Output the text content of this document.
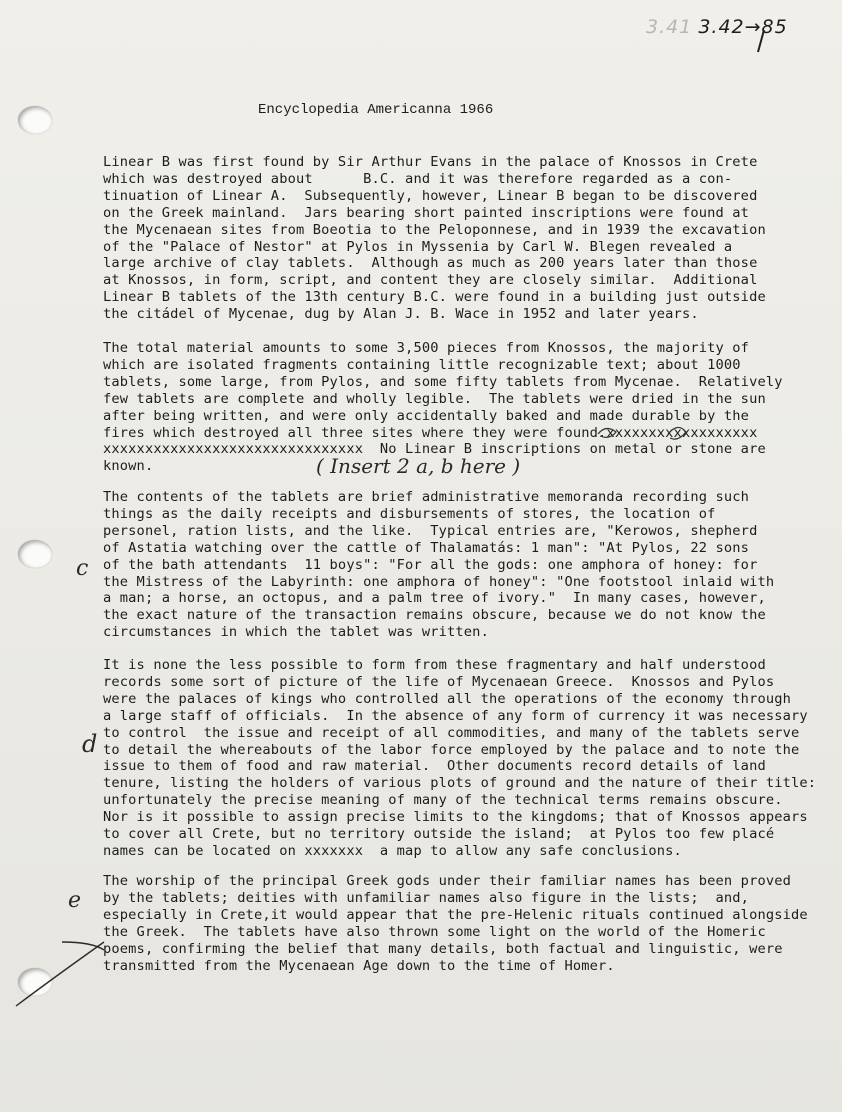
3.41 3.42→85
Encyclopedia Americanna 1966
Linear B was first found by Sir Arthur Evans in the palace of Knossos in Crete
which was destroyed about      B.C. and it was therefore regarded as a con-
tinuation of Linear A.  Subsequently, however, Linear B began to be discovered
on the Greek mainland.  Jars bearing short painted inscriptions were found at
the Mycenaean sites from Boeotia to the Peloponnese, and in 1939 the excavation
of the "Palace of Nestor" at Pylos in Myssenia by Carl W. Blegen revealed a
large archive of clay tablets.  Although as much as 200 years later than those
at Knossos, in form, script, and content they are closely similar.  Additional
Linear B tablets of the 13th century B.C. were found in a building just outside
the citádel of Mycenae, dug by Alan J. B. Wace in 1952 and later years.
The total material amounts to some 3,500 pieces from Knossos, the majority of
which are isolated fragments containing little recognizable text; about 1000
tablets, some large, from Pylos, and some fifty tablets from Mycenae.  Relatively
few tablets are complete and wholly legible.  The tablets were dried in the sun
after being written, and were only accidentally baked and made durable by the
fires which destroyed all three sites where they were found.xxxxxxxxxxxxxxxxxx
xxxxxxxxxxxxxxxxxxxxxxxxxxxxxxx  No Linear B inscriptions on metal or stone are
known.
The contents of the tablets are brief administrative memoranda recording such
things as the daily receipts and disbursements of stores, the location of
personel, ration lists, and the like.  Typical entries are, "Kerowos, shepherd
of Astatia watching over the cattle of Thalamatás: 1 man": "At Pylos, 22 sons
of the bath attendants  11 boys": "For all the gods: one amphora of honey: for
the Mistress of the Labyrinth: one amphora of honey": "One footstool inlaid with
a man; a horse, an octopus, and a palm tree of ivory."  In many cases, however,
the exact nature of the transaction remains obscure, because we do not know the
circumstances in which the tablet was written.
It is none the less possible to form from these fragmentary and half understood
records some sort of picture of the life of Mycenaean Greece.  Knossos and Pylos
were the palaces of kings who controlled all the operations of the economy through
a large staff of officials.  In the absence of any form of currency it was necessary
to control  the issue and receipt of all commodities, and many of the tablets serve
to detail the whereabouts of the labor force employed by the palace and to note the
issue to them of food and raw material.  Other documents record details of land
tenure, listing the holders of various plots of ground and the nature of their title:
unfortunately the precise meaning of many of the technical terms remains obscure.
Nor is it possible to assign precise limits to the kingdoms; that of Knossos appears
to cover all Crete, but no territory outside the island;  at Pylos too few placé
names can be located on xxxxxxx  a map to allow any safe conclusions.
The worship of the principal Greek gods under their familiar names has been proved
by the tablets; deities with unfamiliar names also figure in the lists;  and,
especially in Crete,it would appear that the pre-Helenic rituals continued alongside
the Greek.  The tablets have also thrown some light on the world of the Homeric
poems, confirming the belief that many details, both factual and linguistic, were
transmitted from the Mycenaean Age down to the time of Homer.
( Insert 2 a, b here )
c
d
e
